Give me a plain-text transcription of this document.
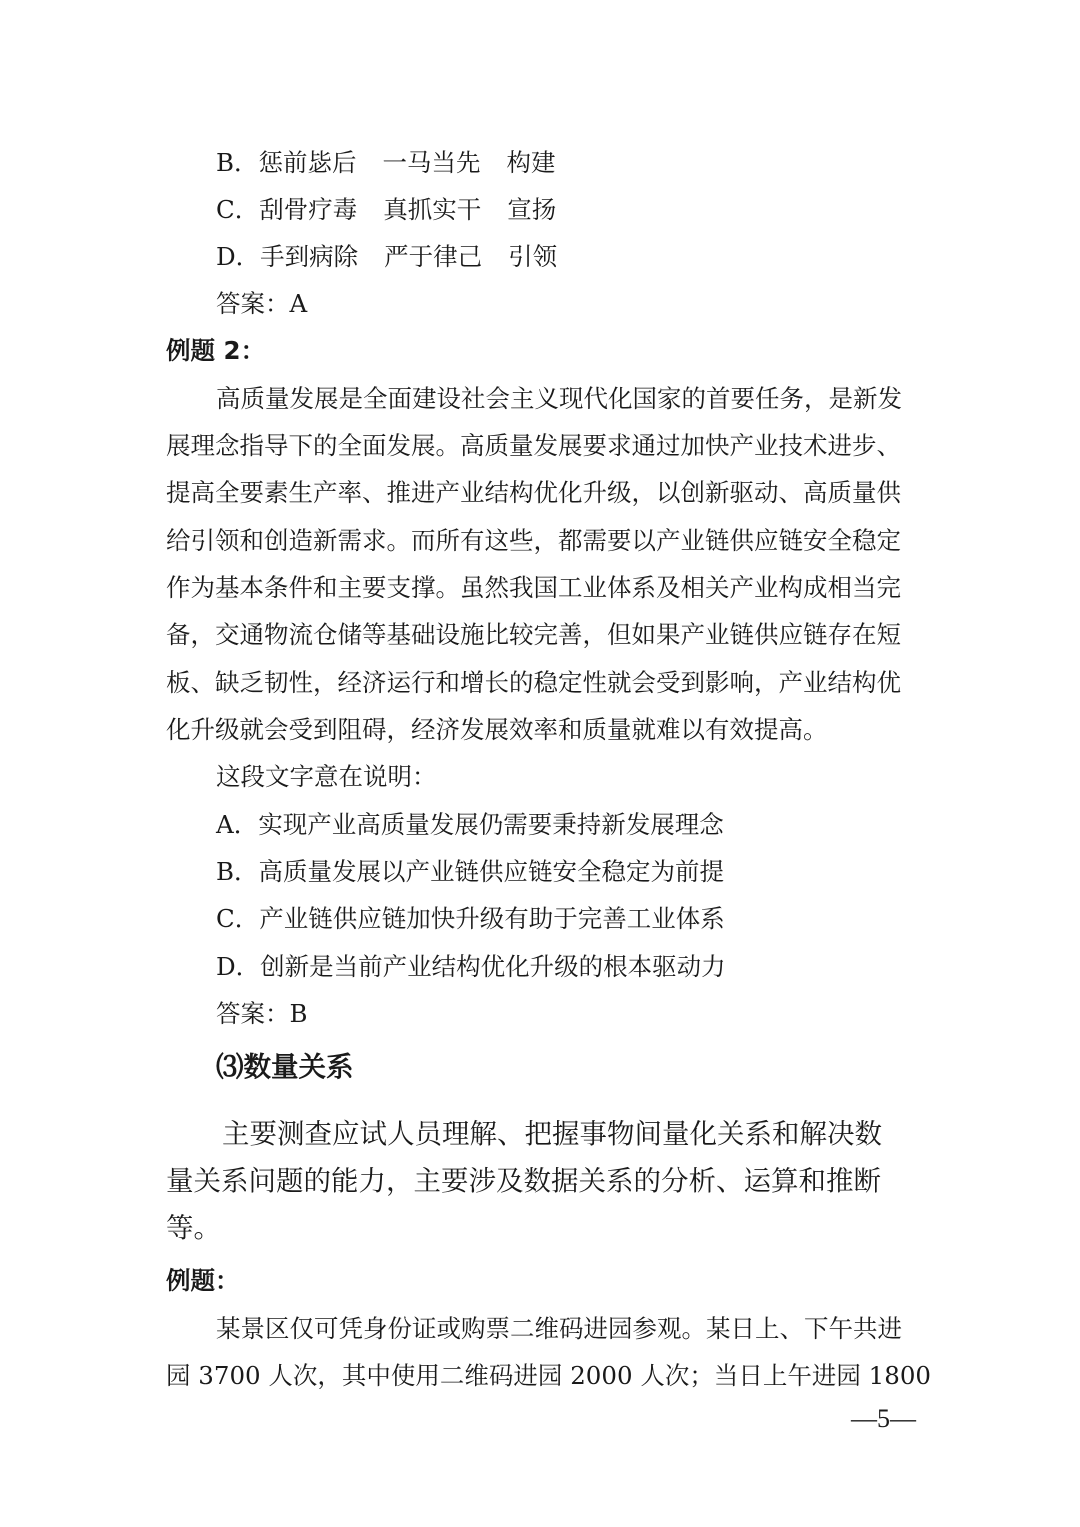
B．惩前毖后 一马当先 构建
C．刮骨疗毒 真抓实干 宣扬
D．手到病除 严于律己 引领
答案：A
例题 2：
高质量发展是全面建设社会主义现代化国家的首要任务，是新发
展理念指导下的全面发展。高质量发展要求通过加快产业技术进步、
提高全要素生产率、推进产业结构优化升级，以创新驱动、高质量供
给引领和创造新需求。而所有这些，都需要以产业链供应链安全稳定
作为基本条件和主要支撑。虽然我国工业体系及相关产业构成相当完
备，交通物流仓储等基础设施比较完善，但如果产业链供应链存在短
板、缺乏韧性，经济运行和增长的稳定性就会受到影响，产业结构优
化升级就会受到阻碍，经济发展效率和质量就难以有效提高。
这段文字意在说明：
A．实现产业高质量发展仍需要秉持新发展理念
B．高质量发展以产业链供应链安全稳定为前提
C．产业链供应链加快升级有助于完善工业体系
D．创新是当前产业结构优化升级的根本驱动力
答案：B
⑶数量关系
主要测查应试人员理解、把握事物间量化关系和解决数
量关系问题的能力，主要涉及数据关系的分析、运算和推断
等。
例题：
某景区仅可凭身份证或购票二维码进园参观。某日上、下午共进
园 3700 人次，其中使用二维码进园 2000 人次；当日上午进园 1800
—5—
